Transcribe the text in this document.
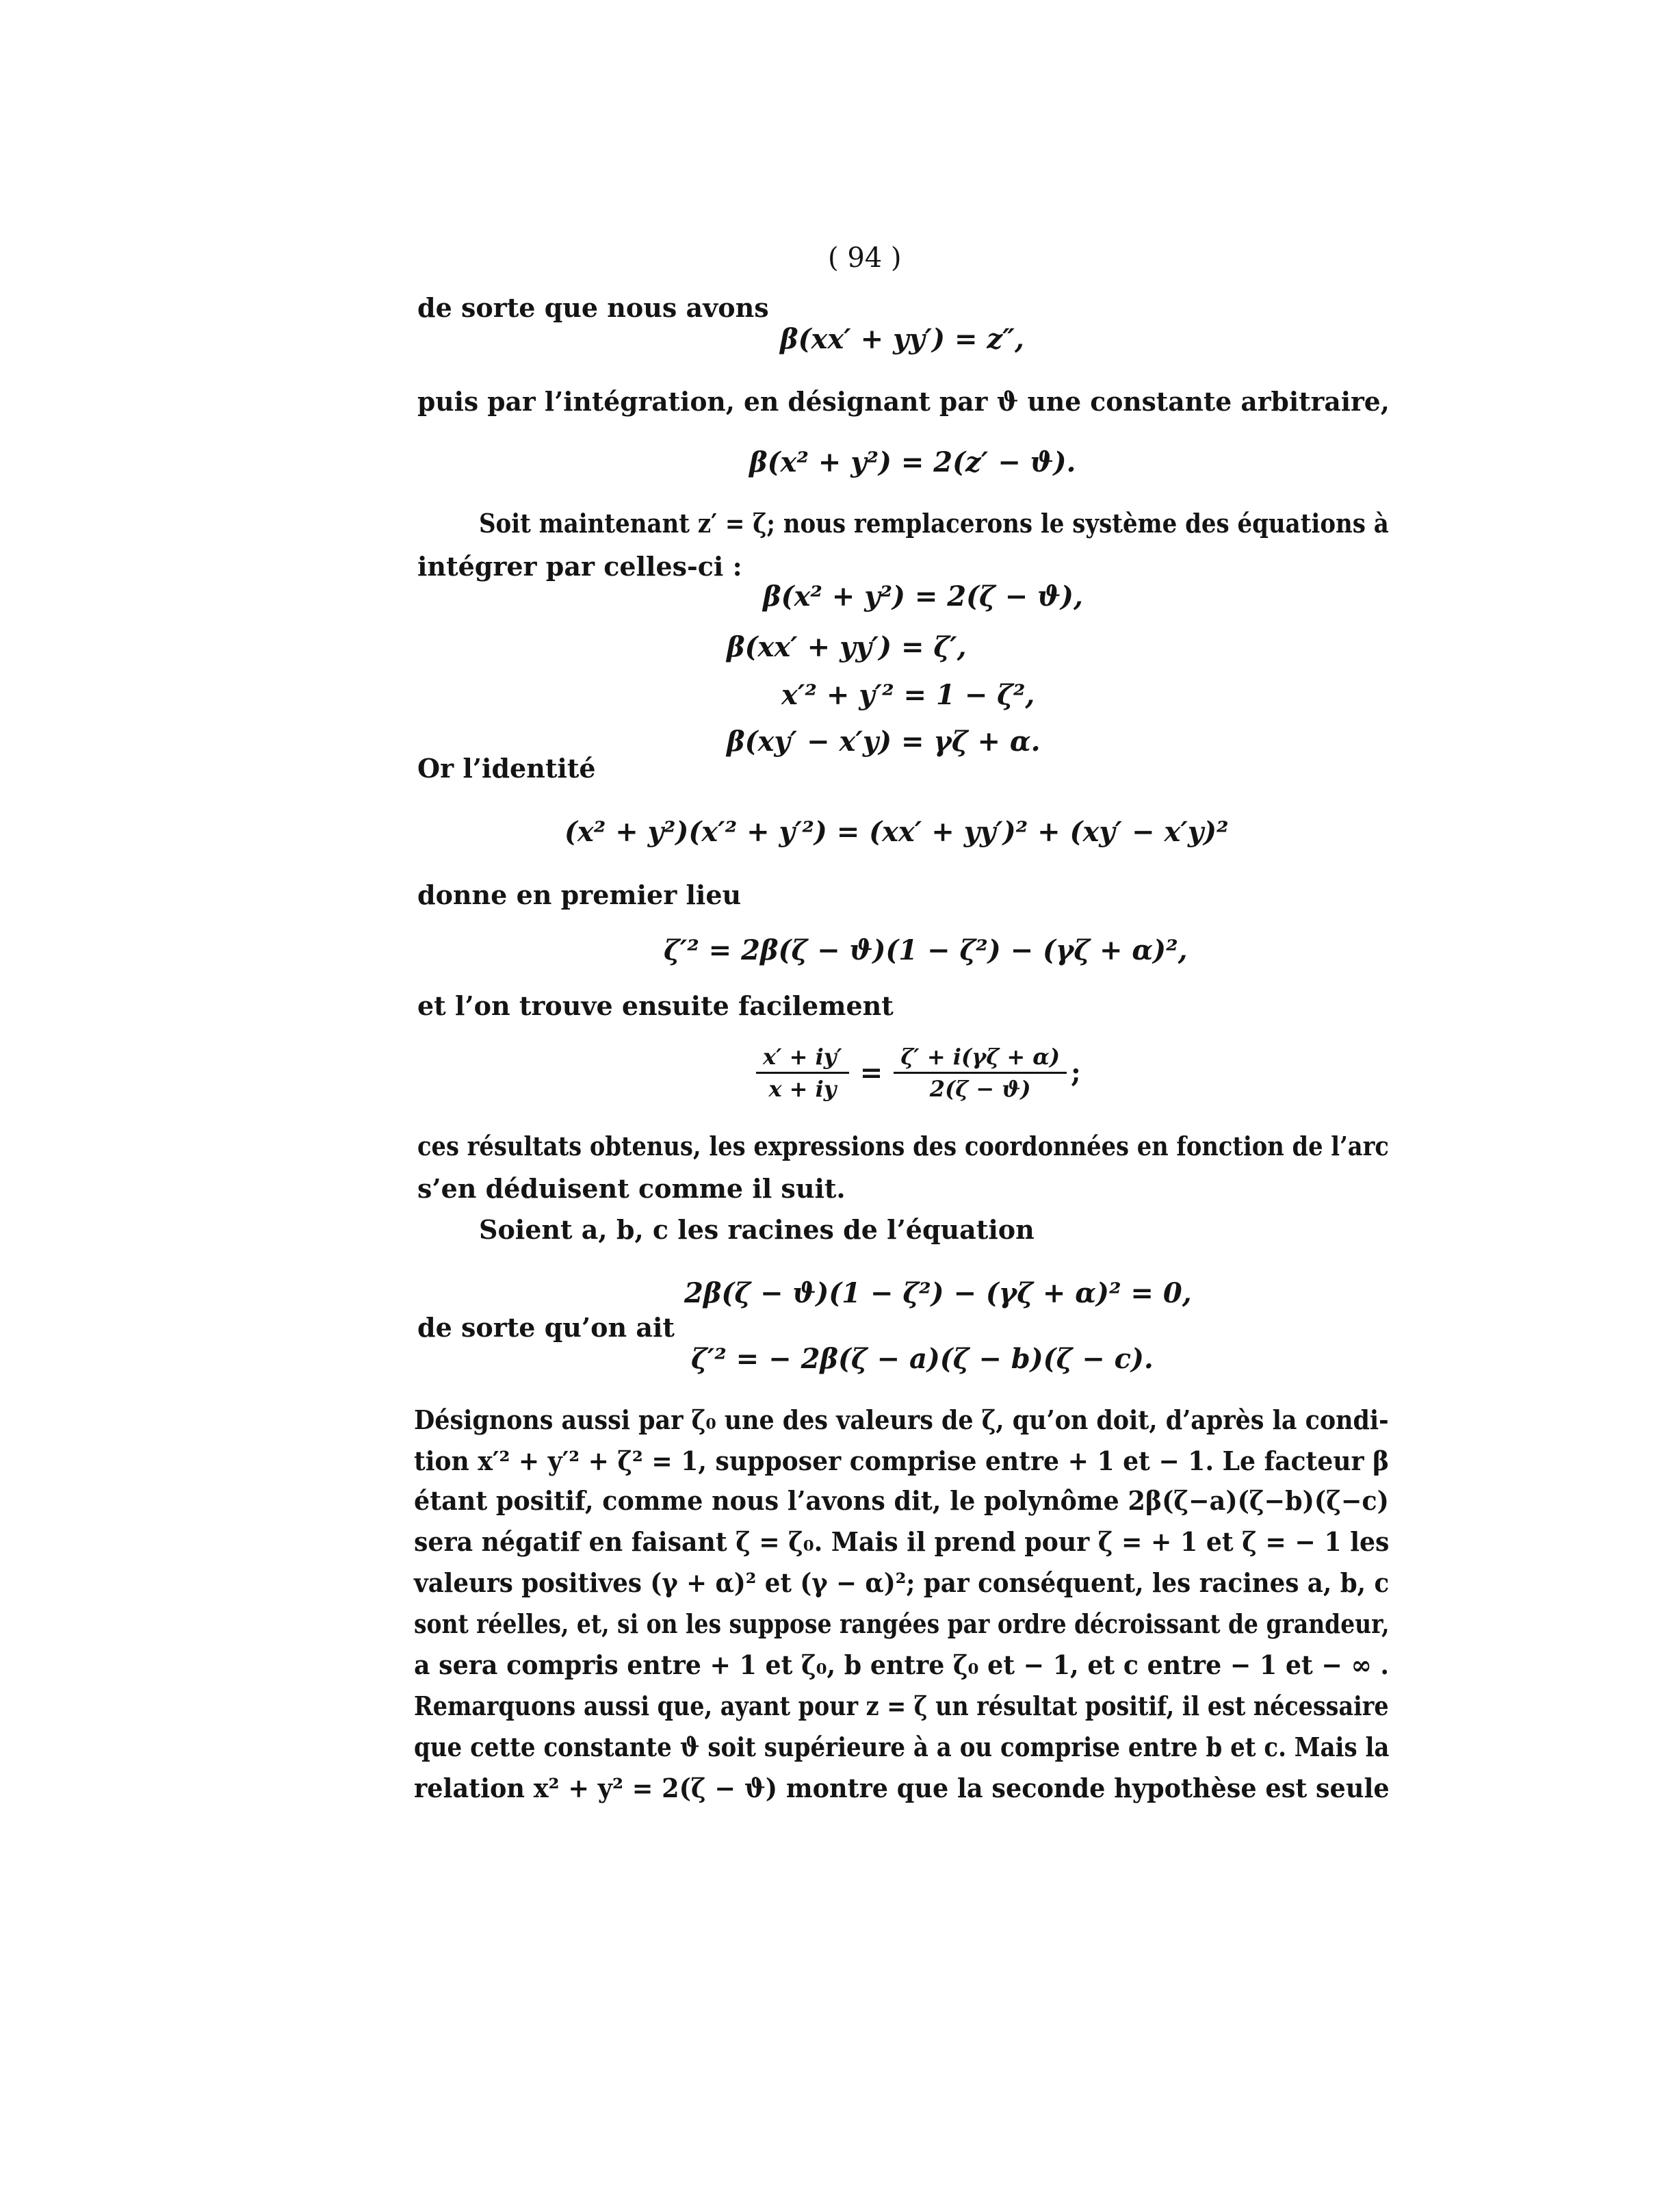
( 94 )

de sorte que nous avons

β(xx′ + yy′) = z″,

puis par l’intégration, en désignant par ϑ une constante arbitraire,

β(x² + y²) = 2(z′ − ϑ).

Soit maintenant z′ = ζ; nous remplacerons le système des équations à

intégrer par celles-ci :

β(x² + y²) = 2(ζ − ϑ),

β(xx′ + yy′) = ζ′,

x′² + y′² = 1 − ζ²,

β(xy′ − x′y) = γζ + α.

Or l’identité

(x² + y²)(x′² + y′²) = (xx′ + yy′)² + (xy′ − x′y)²

donne en premier lieu

ζ′² = 2β(ζ − ϑ)(1 − ζ²) − (γζ + α)²,

et l’on trouve ensuite facilement

$\frac{x' + iy'}{x + iy} = \frac{\zeta' + i(\gamma\zeta + \alpha)}{2(\zeta - ϑ)}$ ;

ces résultats obtenus, les expressions des coordonnées en fonction de l’arc

s’en déduisent comme il suit.

Soient a, b, c les racines de l’équation

2β(ζ − ϑ)(1 − ζ²) − (γζ + α)² = 0,

de sorte qu’on ait

ζ′² = − 2β(ζ − a)(ζ − b)(ζ − c).

Désignons aussi par ζ₀ une des valeurs de ζ, qu’on doit, d’après la condi-

tion x′² + y′² + ζ² = 1, supposer comprise entre + 1 et − 1. Le facteur β

étant positif, comme nous l’avons dit, le polynôme 2β(ζ−a)(ζ−b)(ζ−c)

sera négatif en faisant ζ = ζ₀. Mais il prend pour ζ = + 1 et ζ = − 1 les

valeurs positives (γ + α)² et (γ − α)²; par conséquent, les racines a, b, c

sont réelles, et, si on les suppose rangées par ordre décroissant de grandeur,

a sera compris entre + 1 et ζ₀, b entre ζ₀ et − 1, et c entre − 1 et − ∞ .

Remarquons aussi que, ayant pour z = ζ un résultat positif, il est nécessaire

que cette constante ϑ soit supérieure à a ou comprise entre b et c. Mais la

relation x² + y² = 2(ζ − ϑ) montre que la seconde hypothèse est seule
